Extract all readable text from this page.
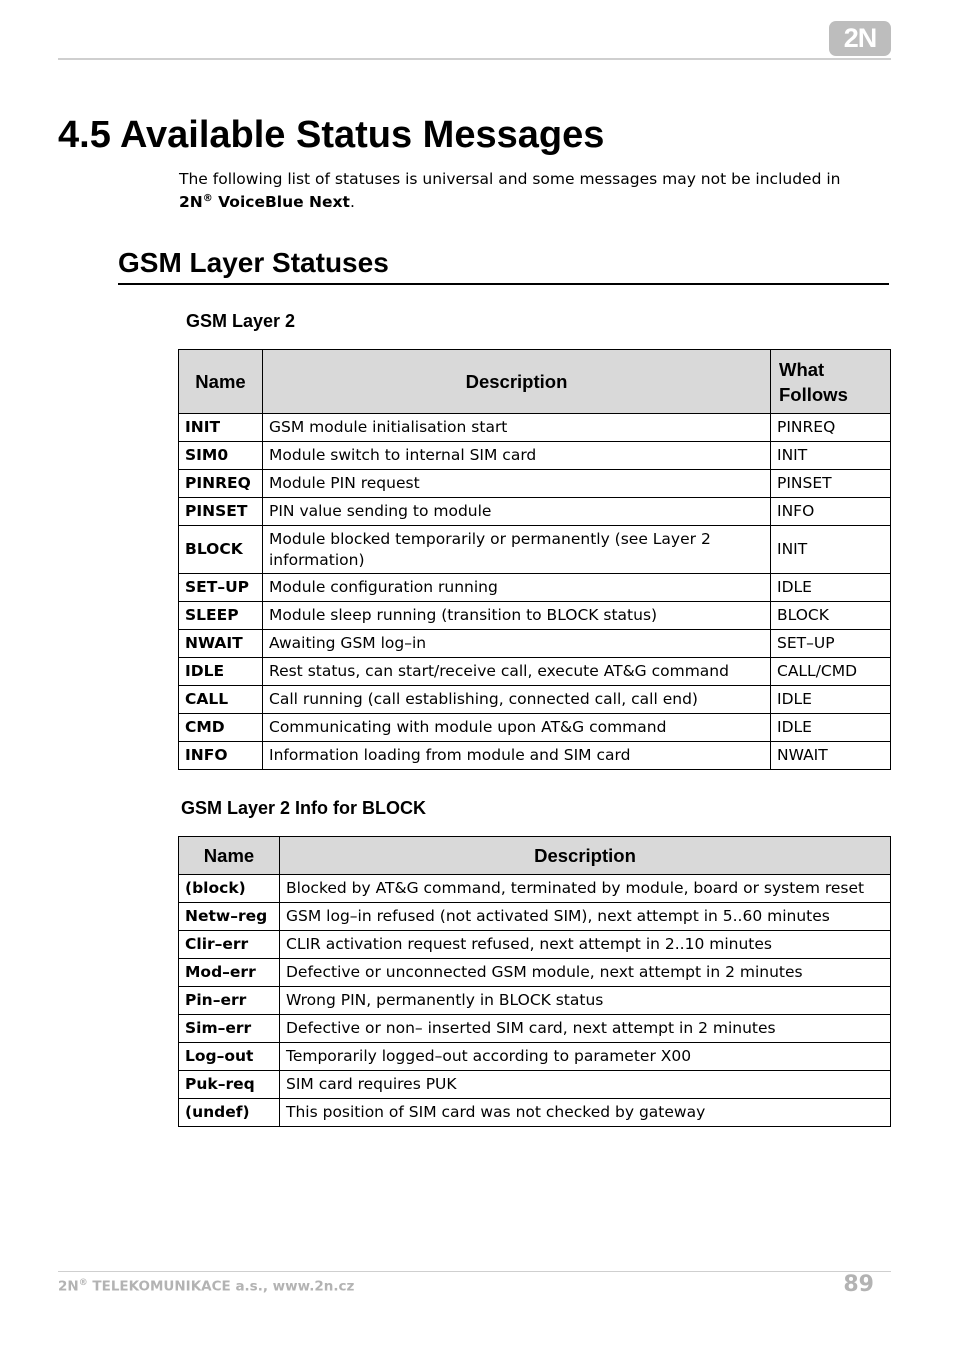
2N
4.5 Available Status Messages

The following list of statuses is universal and some messages may not be included in
2N® VoiceBlue Next.

GSM Layer Statuses
GSM Layer 2
Name	Description	What Follows
INIT	GSM module initialisation start	PINREQ
SIM0	Module switch to internal SIM card	INIT
PINREQ	Module PIN request	PINSET
PINSET	PIN value sending to module	INFO
BLOCK	Module blocked temporarily or permanently (see Layer 2 information)	INIT
SET–UP	Module configuration running	IDLE
SLEEP	Module sleep running (transition to BLOCK status)	BLOCK
NWAIT	Awaiting GSM log–in	SET–UP
IDLE	Rest status, can start/receive call, execute AT&G command	CALL/CMD
CALL	Call running (call establishing, connected call, call end)	IDLE
CMD	Communicating with module upon AT&G command	IDLE
INFO	Information loading from module and SIM card	NWAIT
GSM Layer 2 Info for BLOCK
Name	Description
(block)	Blocked by AT&G command, terminated by module, board or system reset
Netw–reg	GSM log–in refused (not activated SIM), next attempt in 5..60 minutes
Clir–err	CLIR activation request refused, next attempt in 2..10 minutes
Mod–err	Defective or unconnected GSM module, next attempt in 2 minutes
Pin–err	Wrong PIN, permanently in BLOCK status
Sim–err	Defective or non– inserted SIM card, next attempt in 2 minutes
Log–out	Temporarily logged–out according to parameter X00
Puk–req	SIM card requires PUK
(undef)	This position of SIM card was not checked by gateway
2N® TELEKOMUNIKACE a.s., www.2n.cz	89
